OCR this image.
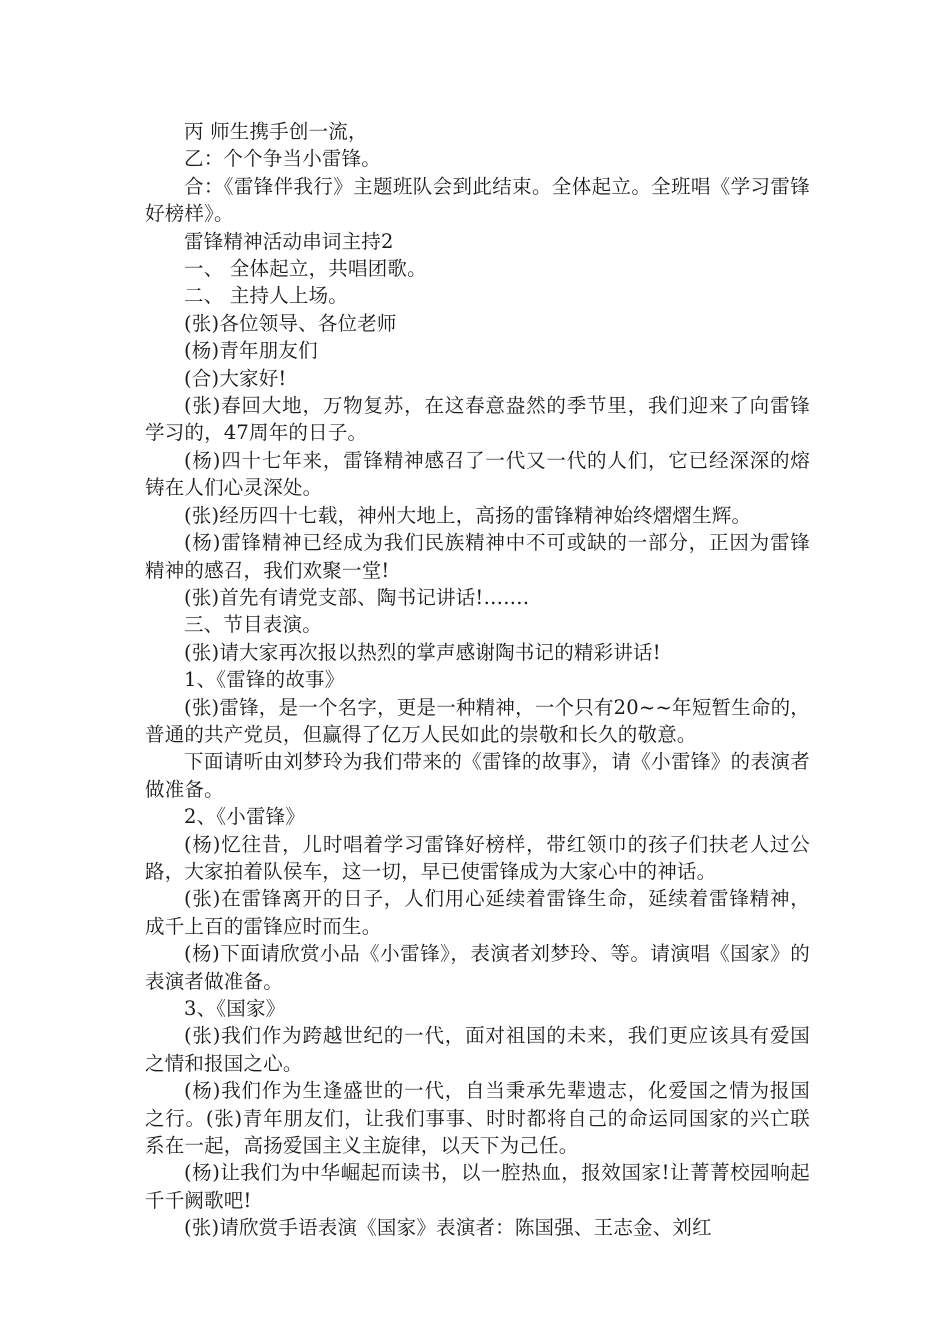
丙 师生携手创一流，

乙：个个争当小雷锋。

合：《雷锋伴我行》主题班队会到此结束。全体起立。全班唱《学习雷锋好榜样》。

雷锋精神活动串词主持2

一、 全体起立，共唱团歌。

二、 主持人上场。

(张)各位领导、各位老师

(杨)青年朋友们

(合)大家好!

(张)春回大地，万物复苏，在这春意盎然的季节里，我们迎来了向雷锋学习的，47周年的日子。

(杨)四十七年来，雷锋精神感召了一代又一代的人们，它已经深深的熔铸在人们心灵深处。

(张)经历四十七载，神州大地上，高扬的雷锋精神始终熠熠生辉。

(杨)雷锋精神已经成为我们民族精神中不可或缺的一部分，正因为雷锋精神的感召，我们欢聚一堂!

(张)首先有请党支部、陶书记讲话!…….

三、节目表演。

(张)请大家再次报以热烈的掌声感谢陶书记的精彩讲话!

1、《雷锋的故事》

(张)雷锋，是一个名字，更是一种精神，一个只有20~~年短暂生命的，普通的共产党员，但赢得了亿万人民如此的崇敬和长久的敬意。

下面请听由刘梦玲为我们带来的《雷锋的故事》，请《小雷锋》的表演者做准备。

2、《小雷锋》

(杨)忆往昔，儿时唱着学习雷锋好榜样，带红领巾的孩子们扶老人过公路，大家拍着队侯车，这一切，早已使雷锋成为大家心中的神话。

(张)在雷锋离开的日子，人们用心延续着雷锋生命，延续着雷锋精神，成千上百的雷锋应时而生。

(杨)下面请欣赏小品《小雷锋》，表演者刘梦玲、等。请演唱《国家》的表演者做准备。

3、《国家》

(张)我们作为跨越世纪的一代，面对祖国的未来，我们更应该具有爱国之情和报国之心。

(杨)我们作为生逢盛世的一代，自当秉承先辈遗志，化爱国之情为报国之行。(张)青年朋友们，让我们事事、时时都将自己的命运同国家的兴亡联系在一起，高扬爱国主义主旋律，以天下为己任。

(杨)让我们为中华崛起而读书，以一腔热血，报效国家!让菁菁校园响起千千阙歌吧!

(张)请欣赏手语表演《国家》表演者：陈国强、王志金、刘红
